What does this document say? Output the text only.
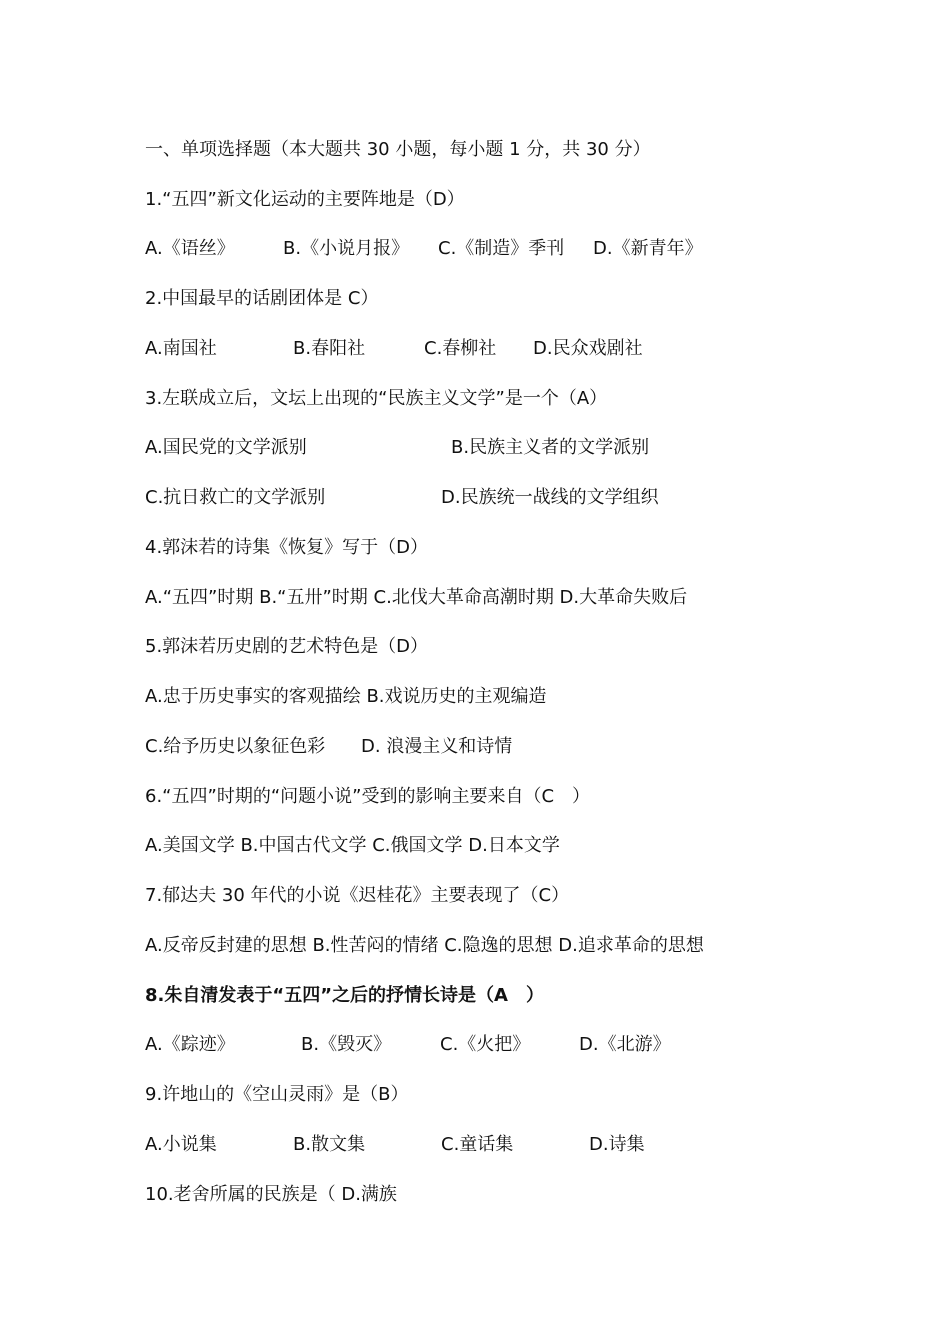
一、单项选择题（本大题共 30 小题，每小题 1 分，共 30 分）
1.“五四”新文化运动的主要阵地是（D）
A.《语丝》	B.《小说月报》 C.《制造》季刊 D.《新青年》
2.中国最早的话剧团体是 C）
A.南国社	B.春阳社	C.春柳社 D.民众戏剧社
3.左联成立后，文坛上出现的“民族主义文学”是一个（A）
A.国民党的文学派别	B.民族主义者的文学派别
C.抗日救亡的文学派别	D.民族统一战线的文学组织
4.郭沫若的诗集《恢复》写于（D）
A.“五四”时期 B.“五卅”时期 C.北伐大革命高潮时期 D.大革命失败后
5.郭沫若历史剧的艺术特色是（D）
A.忠于历史事实的客观描绘 B.戏说历史的主观编造
C.给予历史以象征色彩 D. 浪漫主义和诗情
6.“五四”时期的“问题小说”受到的影响主要来自（C　）
A.美国文学 B.中国古代文学 C.俄国文学 D.日本文学
7.郁达夫 30 年代的小说《迟桂花》主要表现了（C）
A.反帝反封建的思想 B.性苦闷的情绪 C.隐逸的思想 D.追求革命的思想
8.朱自清发表于“五四”之后的抒情长诗是（A　）
A.《踪迹》	B.《毁灭》	C.《火把》	D.《北游》
9.许地山的《空山灵雨》是（B）
A.小说集	B.散文集	C.童话集	D.诗集
10.老舍所属的民族是（ D.满族
